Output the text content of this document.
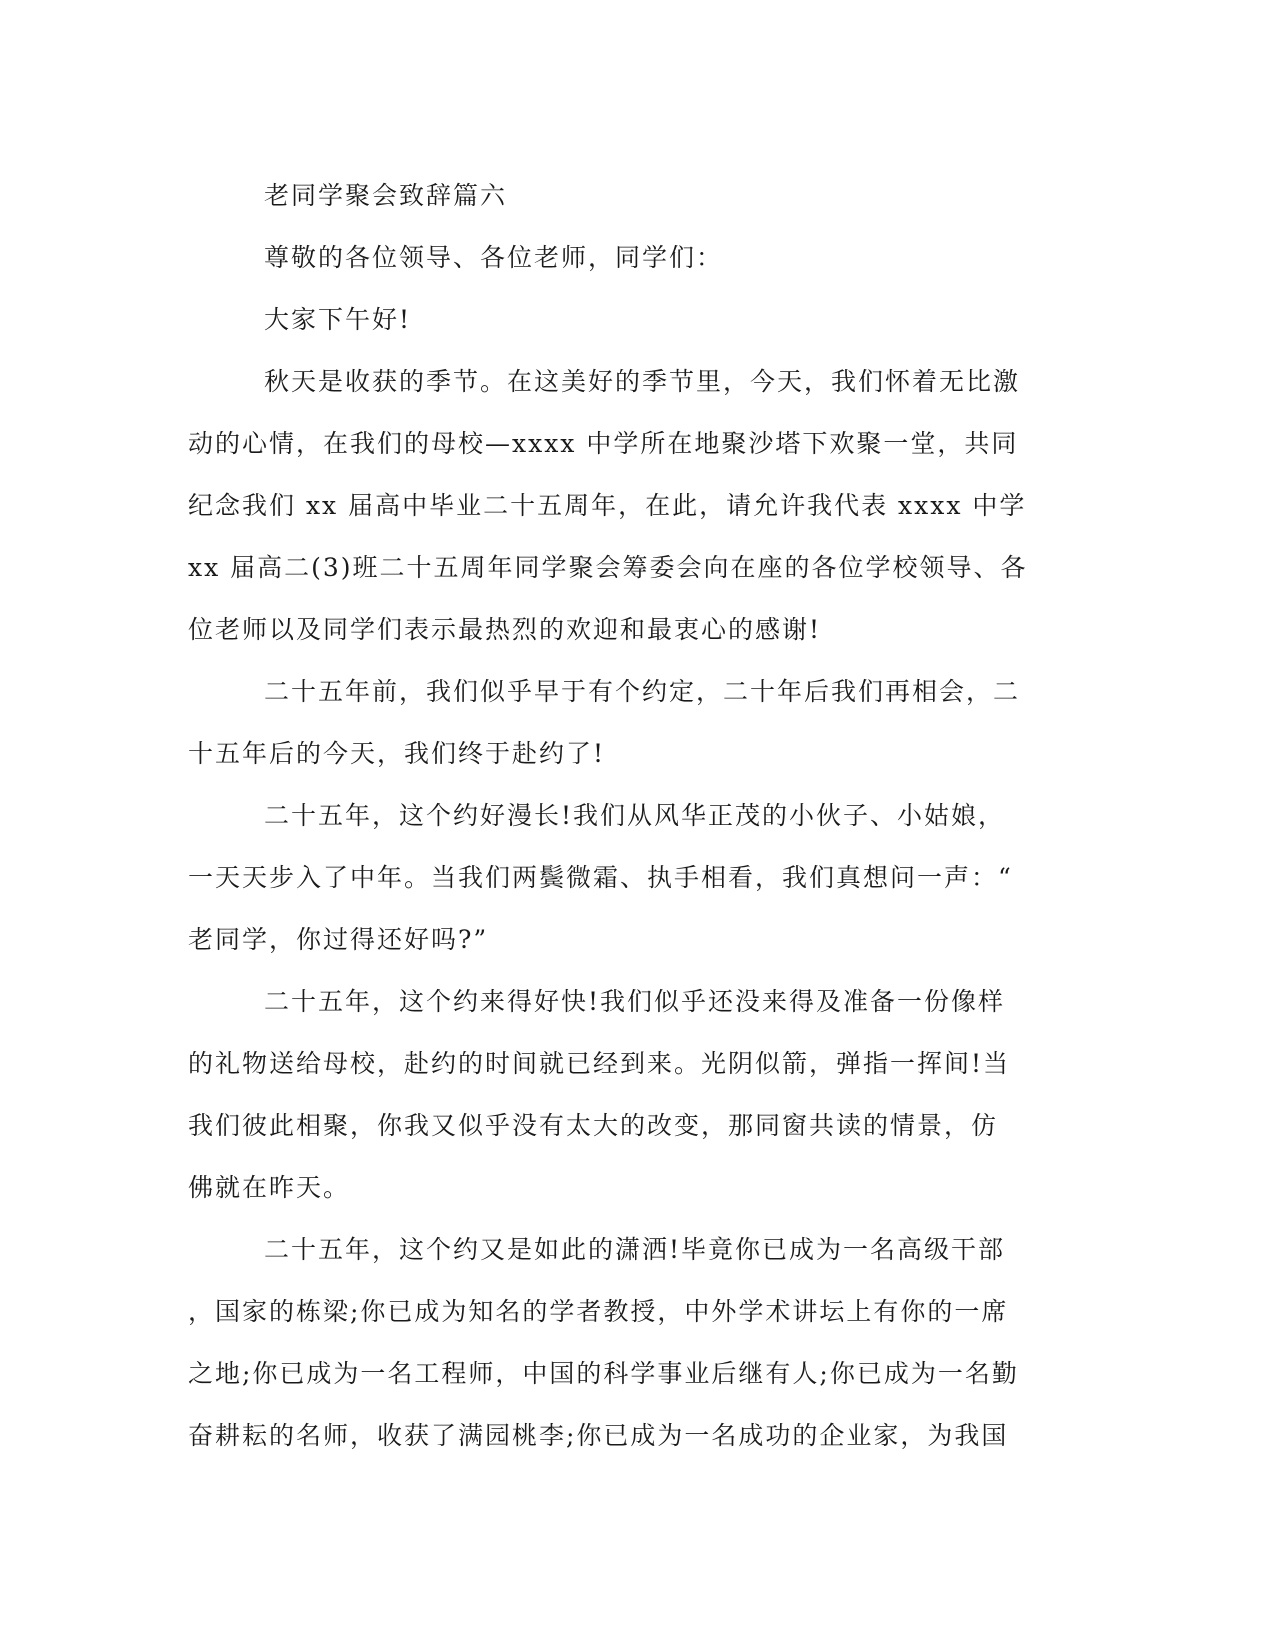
老同学聚会致辞篇六
尊敬的各位领导、各位老师，同学们：
大家下午好!
秋天是收获的季节。在这美好的季节里，今天，我们怀着无比激
动的心情，在我们的母校—xxxx 中学所在地聚沙塔下欢聚一堂，共同
纪念我们 xx 届高中毕业二十五周年，在此，请允许我代表 xxxx 中学
xx 届高二(3)班二十五周年同学聚会筹委会向在座的各位学校领导、各
位老师以及同学们表示最热烈的欢迎和最衷心的感谢!
二十五年前，我们似乎早于有个约定，二十年后我们再相会，二
十五年后的今天，我们终于赴约了!
二十五年，这个约好漫长!我们从风华正茂的小伙子、小姑娘，
一天天步入了中年。当我们两鬓微霜、执手相看，我们真想问一声：“
老同学，你过得还好吗?”
二十五年，这个约来得好快!我们似乎还没来得及准备一份像样
的礼物送给母校，赴约的时间就已经到来。光阴似箭，弹指一挥间!当
我们彼此相聚，你我又似乎没有太大的改变，那同窗共读的情景，仿
佛就在昨天。
二十五年，这个约又是如此的潇洒!毕竟你已成为一名高级干部
，国家的栋梁;你已成为知名的学者教授，中外学术讲坛上有你的一席
之地;你已成为一名工程师，中国的科学事业后继有人;你已成为一名勤
奋耕耘的名师，收获了满园桃李;你已成为一名成功的企业家，为我国
